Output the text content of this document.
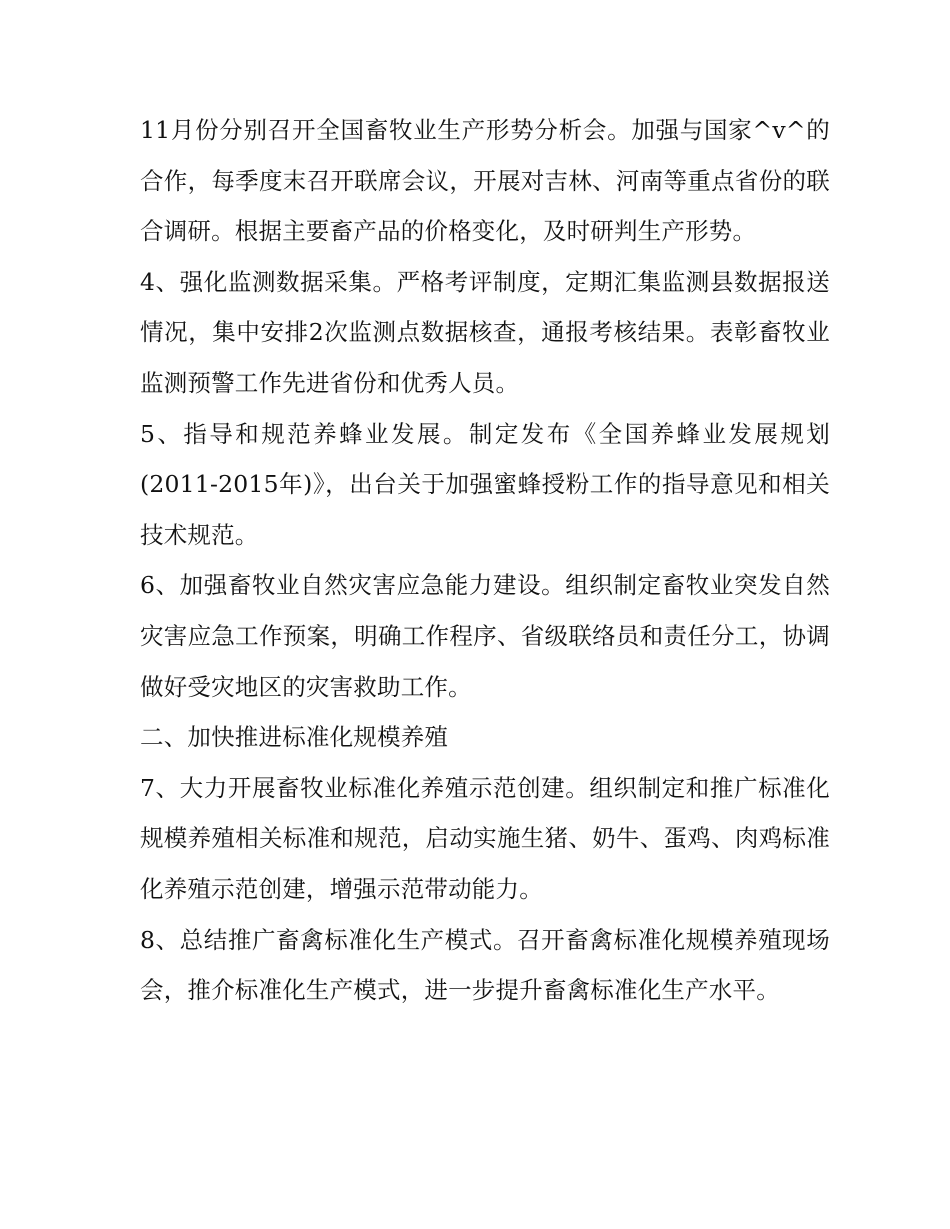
11月份分别召开全国畜牧业生产形势分析会。加强与国家^v^的合作，每季度末召开联席会议，开展对吉林、河南等重点省份的联合调研。根据主要畜产品的价格变化，及时研判生产形势。

4、强化监测数据采集。严格考评制度，定期汇集监测县数据报送情况，集中安排2次监测点数据核查，通报考核结果。表彰畜牧业监测预警工作先进省份和优秀人员。

5、指导和规范养蜂业发展。制定发布《全国养蜂业发展规划(2011-2015年)》，出台关于加强蜜蜂授粉工作的指导意见和相关技术规范。

6、加强畜牧业自然灾害应急能力建设。组织制定畜牧业突发自然灾害应急工作预案，明确工作程序、省级联络员和责任分工，协调做好受灾地区的灾害救助工作。

二、加快推进标准化规模养殖

7、大力开展畜牧业标准化养殖示范创建。组织制定和推广标准化规模养殖相关标准和规范，启动实施生猪、奶牛、蛋鸡、肉鸡标准化养殖示范创建，增强示范带动能力。

8、总结推广畜禽标准化生产模式。召开畜禽标准化规模养殖现场会，推介标准化生产模式，进一步提升畜禽标准化生产水平。
